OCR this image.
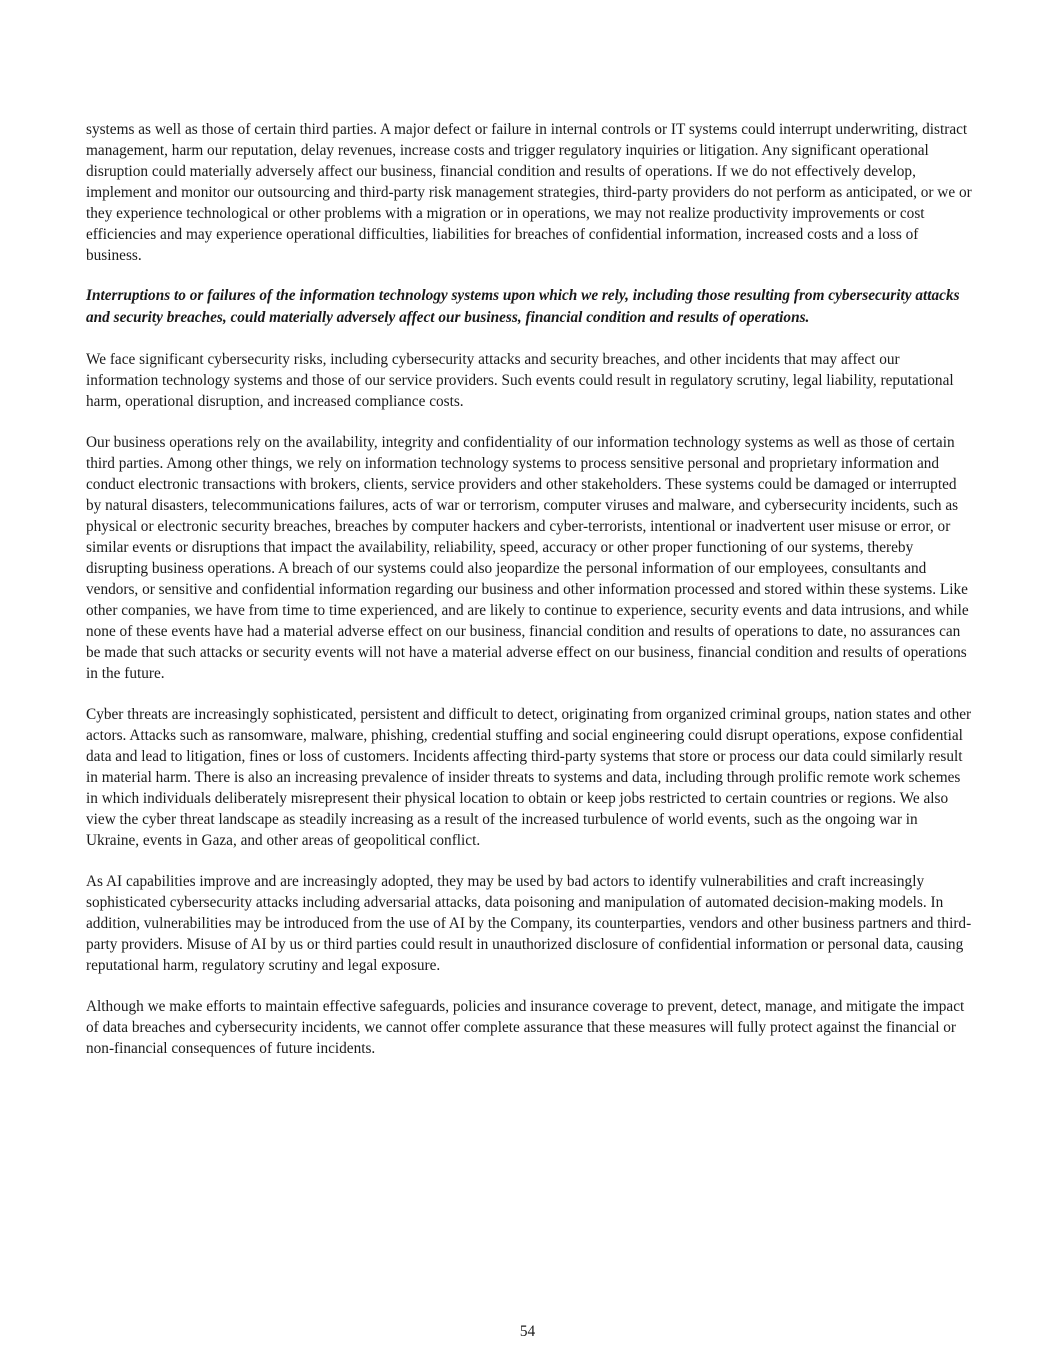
systems as well as those of certain third parties. A major defect or failure in internal controls or IT systems could interrupt underwriting, distract management, harm our reputation, delay revenues, increase costs and trigger regulatory inquiries or litigation. Any significant operational disruption could materially adversely affect our business, financial condition and results of operations. If we do not effectively develop, implement and monitor our outsourcing and third-party risk management strategies, third-party providers do not perform as anticipated, or we or they experience technological or other problems with a migration or in operations, we may not realize productivity improvements or cost efficiencies and may experience operational difficulties, liabilities for breaches of confidential information, increased costs and a loss of business.

Interruptions to or failures of the information technology systems upon which we rely, including those resulting from cybersecurity attacks and security breaches, could materially adversely affect our business, financial condition and results of operations.

We face significant cybersecurity risks, including cybersecurity attacks and security breaches, and other incidents that may affect our information technology systems and those of our service providers. Such events could result in regulatory scrutiny, legal liability, reputational harm, operational disruption, and increased compliance costs.

Our business operations rely on the availability, integrity and confidentiality of our information technology systems as well as those of certain third parties. Among other things, we rely on information technology systems to process sensitive personal and proprietary information and conduct electronic transactions with brokers, clients, service providers and other stakeholders. These systems could be damaged or interrupted by natural disasters, telecommunications failures, acts of war or terrorism, computer viruses and malware, and cybersecurity incidents, such as physical or electronic security breaches, breaches by computer hackers and cyber-terrorists, intentional or inadvertent user misuse or error, or similar events or disruptions that impact the availability, reliability, speed, accuracy or other proper functioning of our systems, thereby disrupting business operations. A breach of our systems could also jeopardize the personal information of our employees, consultants and vendors, or sensitive and confidential information regarding our business and other information processed and stored within these systems. Like other companies, we have from time to time experienced, and are likely to continue to experience, security events and data intrusions, and while none of these events have had a material adverse effect on our business, financial condition and results of operations to date, no assurances can be made that such attacks or security events will not have a material adverse effect on our business, financial condition and results of operations in the future.

Cyber threats are increasingly sophisticated, persistent and difficult to detect, originating from organized criminal groups, nation states and other actors. Attacks such as ransomware, malware, phishing, credential stuffing and social engineering could disrupt operations, expose confidential data and lead to litigation, fines or loss of customers. Incidents affecting third-party systems that store or process our data could similarly result in material harm. There is also an increasing prevalence of insider threats to systems and data, including through prolific remote work schemes in which individuals deliberately misrepresent their physical location to obtain or keep jobs restricted to certain countries or regions. We also view the cyber threat landscape as steadily increasing as a result of the increased turbulence of world events, such as the ongoing war in Ukraine, events in Gaza, and other areas of geopolitical conflict.

As AI capabilities improve and are increasingly adopted, they may be used by bad actors to identify vulnerabilities and craft increasingly sophisticated cybersecurity attacks including adversarial attacks, data poisoning and manipulation of automated decision-making models. In addition, vulnerabilities may be introduced from the use of AI by the Company, its counterparties, vendors and other business partners and third-party providers. Misuse of AI by us or third parties could result in unauthorized disclosure of confidential information or personal data, causing reputational harm, regulatory scrutiny and legal exposure.

Although we make efforts to maintain effective safeguards, policies and insurance coverage to prevent, detect, manage, and mitigate the impact of data breaches and cybersecurity incidents, we cannot offer complete assurance that these measures will fully protect against the financial or non-financial consequences of future incidents.

54
